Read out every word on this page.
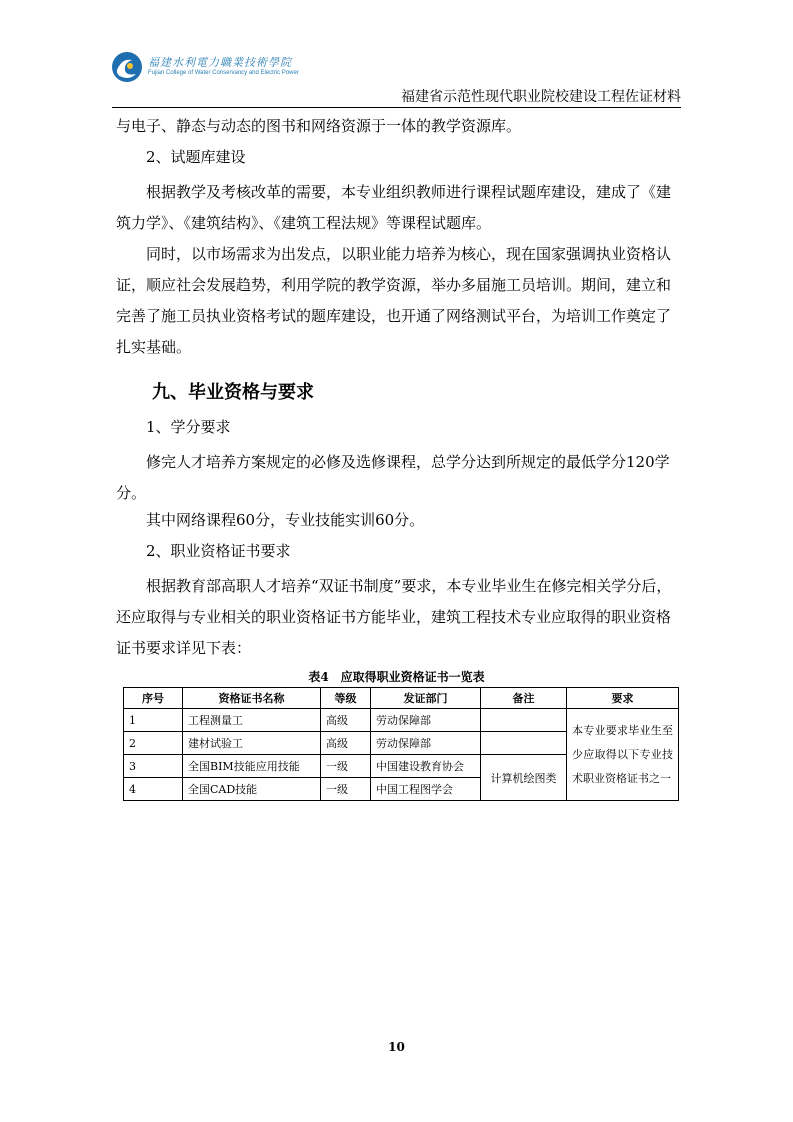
福建水利電力職業技術學院
Fujian College of Water Conservancy and Electric Power
福建省示范性现代职业院校建设工程佐证材料

与电子、静态与动态的图书和网络资源于一体的教学资源库。

2、试题库建设

根据教学及考核改革的需要，本专业组织教师进行课程试题库建设，建成了《建筑力学》、《建筑结构》、《建筑工程法规》等课程试题库。

同时，以市场需求为出发点，以职业能力培养为核心，现在国家强调执业资格认证，顺应社会发展趋势，利用学院的教学资源，举办多届施工员培训。期间，建立和完善了施工员执业资格考试的题库建设，也开通了网络测试平台，为培训工作奠定了扎实基础。

九、毕业资格与要求

1、学分要求

修完人才培养方案规定的必修及选修课程，总学分达到所规定的最低学分120学分。

其中网络课程60分，专业技能实训60分。

2、职业资格证书要求

根据教育部高职人才培养“双证书制度”要求，本专业毕业生在修完相关学分后，还应取得与专业相关的职业资格证书方能毕业，建筑工程技术专业应取得的职业资格证书要求详见下表：

表4　应取得职业资格证书一览表
序号	资格证书名称	等级	发证部门	备注	要求
1	工程测量工	高级	劳动保障部		本专业要求毕业生至少应取得以下专业技术职业资格证书之一
2	建材试验工	高级	劳动保障部		
3	全国BIM技能应用技能	一级	中国建设教育协会	计算机绘图类	
4	全国CAD技能	一级	中国工程图学会		
10
